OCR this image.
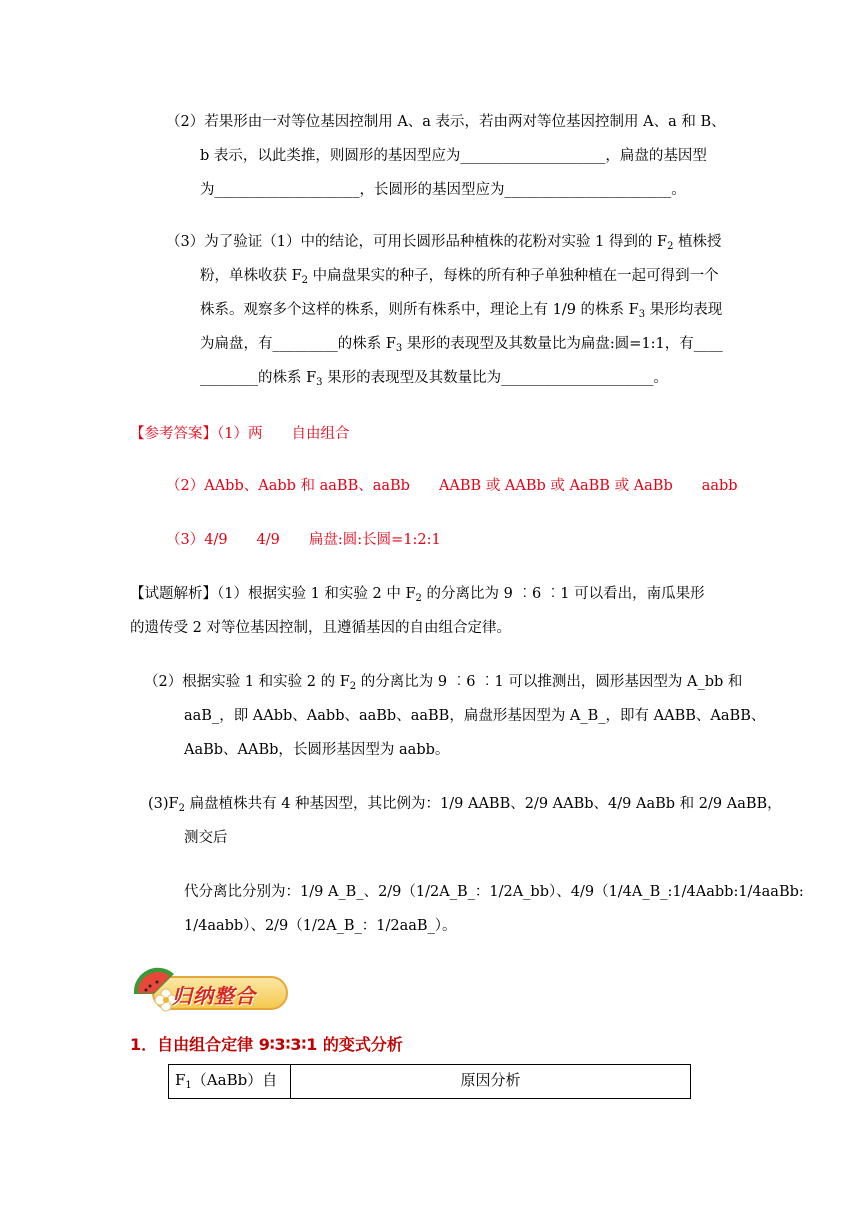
（2）若果形由一对等位基因控制用 A、a 表示，若由两对等位基因控制用 A、a 和 B、
b 表示，以此类推，则圆形的基因型应为____________________，扁盘的基因型
为____________________，长圆形的基因型应为_______________________。
（3）为了验证（1）中的结论，可用长圆形品种植株的花粉对实验 1 得到的 $F_2$ 植株授
粉，单株收获 $F_2$ 中扁盘果实的种子，每株的所有种子单独种植在一起可得到一个
株系。观察多个这样的株系，则所有株系中，理论上有 1/9 的株系 $F_3$ 果形均表现
为扁盘，有_________的株系 $F_3$ 果形的表现型及其数量比为扁盘:圆=1:1，有____
________的株系 $F_3$ 果形的表现型及其数量比为_____________________。
【参考答案】（1）两　　自由组合
（2）AAbb、Aabb 和 aaBB、aaBb　　AABB 或 AABb 或 AaBB 或 AaBb　　aabb
（3）4/9　　4/9　　扁盘:圆:长圆=1:2:1
【试题解析】（1）根据实验 1 和实验 2 中 $F_2$ 的分离比为 9 ︰6 ︰1 可以看出，南瓜果形
的遗传受 2 对等位基因控制，且遵循基因的自由组合定律。
（2）根据实验 1 和实验 2 的 $F_2$ 的分离比为 9 ︰6 ︰1 可以推测出，圆形基因型为 A_bb 和
aaB_，即 AAbb、Aabb、aaBb、aaBB，扁盘形基因型为 A_B_，即有 AABB、AaBB、
AaBb、AABb，长圆形基因型为 aabb。
$(3)F_2$ 扁盘植株共有 4 种基因型，其比例为：1/9 AABB、2/9 AABb、4/9 AaBb 和 2/9 AaBB，
测交后
代分离比分别为：1/9 A_B_、2/9（1/2A_B_：1/2A_bb）、4/9（1/4A_B_:1/4Aabb:1/4aaBb:
1/4aabb）、2/9（1/2A_B_：1/2aaB_）。
归纳整合
1．自由组合定律 9∶3∶3∶1 的变式分析
$F_1(AaBb)$自	原因分析
